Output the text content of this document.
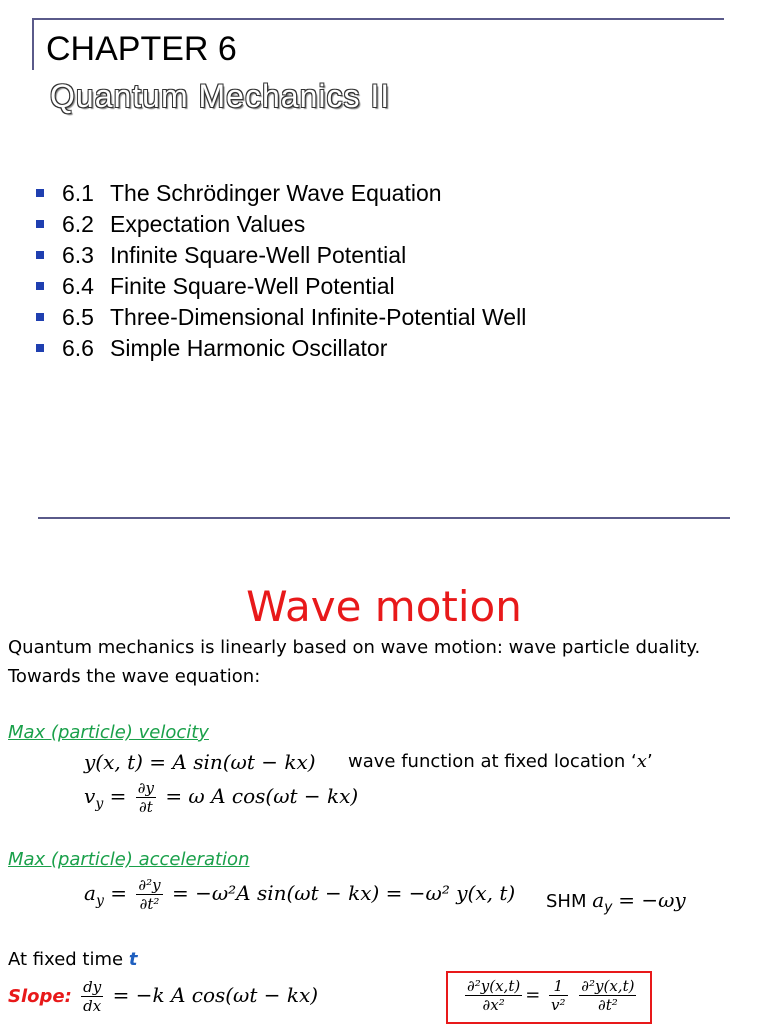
CHAPTER 6
Quantum Mechanics II
6.1 The Schrödinger Wave Equation
6.2 Expectation Values
6.3 Infinite Square-Well Potential
6.4 Finite Square-Well Potential
6.5 Three-Dimensional Infinite-Potential Well
6.6 Simple Harmonic Oscillator
Wave motion
Quantum mechanics is linearly based on wave motion: wave particle duality.
Towards the wave equation:
Max (particle) velocity
y(x, t) = A sin(ωt − kx) wave function at fixed location ‘x’
$v_y = \frac{\partial y}{\partial t} = \omega$ A cos(ωt − kx)
Max (particle) acceleration
$a_y = \frac{\text{∂²y}}{\text{∂t²}} = -\omega^2A$ sin(ωt − kx) = −ω² y(x, t) SHM $a_y = -\omega y$
At fixed time t
Slope: $\frac{dy}{dx} = -k$ A cos(ωt − kx)	$\frac{\text{∂²y(x,t)}}{\text{∂x²}} = \frac{1}{\text{v²}}$
$\frac{\text{∂²y(x,t)}}{\text{∂t²}}$
